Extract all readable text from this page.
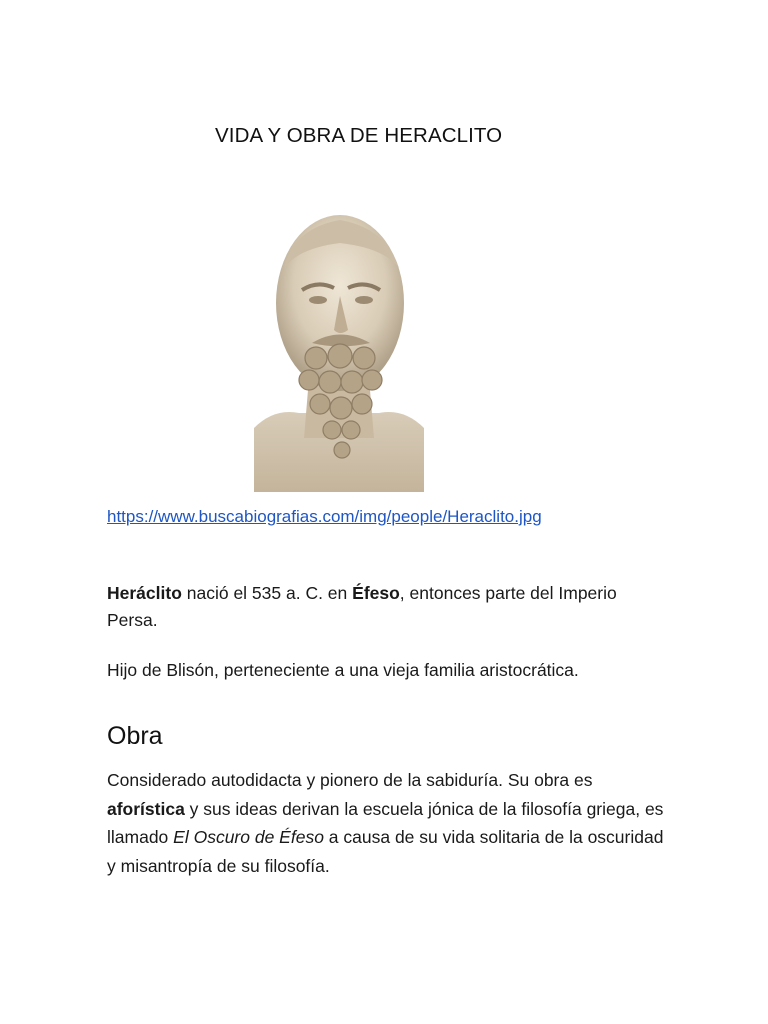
VIDA Y OBRA DE HERACLITO
https://www.buscabiografias.com/img/people/Heraclito.jpg
Heráclito nació el 535 a. C. en Éfeso, entonces parte del Imperio Persa.
Hijo de Blisón, perteneciente a una vieja familia aristocrática.
Obra
Considerado autodidacta y pionero de la sabiduría. Su obra es aforística y sus ideas derivan la escuela jónica de la filosofía griega, es llamado El Oscuro de Éfeso a causa de su vida solitaria de la oscuridad y misantropía de su filosofía.
